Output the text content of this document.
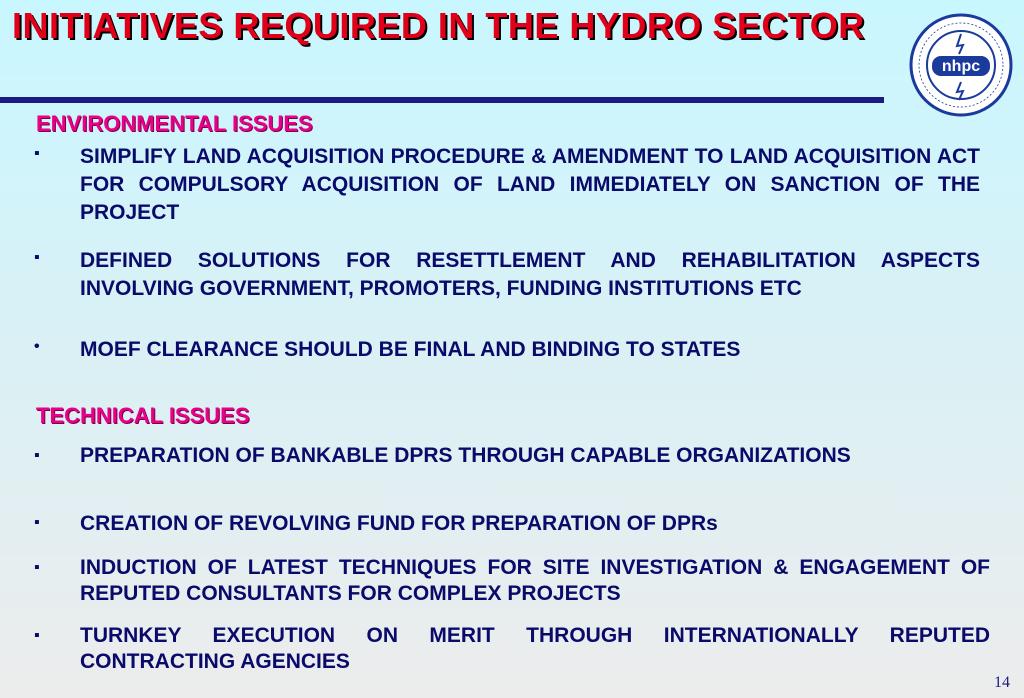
INITIATIVES REQUIRED IN THE HYDRO SECTOR
nhpc
ENVIRONMENTAL ISSUES
▪ SIMPLIFY LAND ACQUISITION PROCEDURE & AMENDMENT TO LAND ACQUISITION ACT FOR COMPULSORY ACQUISITION OF LAND IMMEDIATELY ON SANCTION OF THE PROJECT
▪ DEFINED SOLUTIONS FOR RESETTLEMENT AND REHABILITATION ASPECTS INVOLVING GOVERNMENT, PROMOTERS, FUNDING INSTITUTIONS ETC
• MOEF CLEARANCE SHOULD BE FINAL AND BINDING TO STATES
TECHNICAL ISSUES
▪ PREPARATION OF BANKABLE DPRS THROUGH CAPABLE ORGANIZATIONS
▪ CREATION OF REVOLVING FUND FOR PREPARATION OF DPRs
▪ INDUCTION OF LATEST TECHNIQUES FOR SITE INVESTIGATION & ENGAGEMENT OF REPUTED CONSULTANTS FOR COMPLEX PROJECTS
▪ TURNKEY EXECUTION ON MERIT THROUGH INTERNATIONALLY REPUTED CONTRACTING AGENCIES
14
